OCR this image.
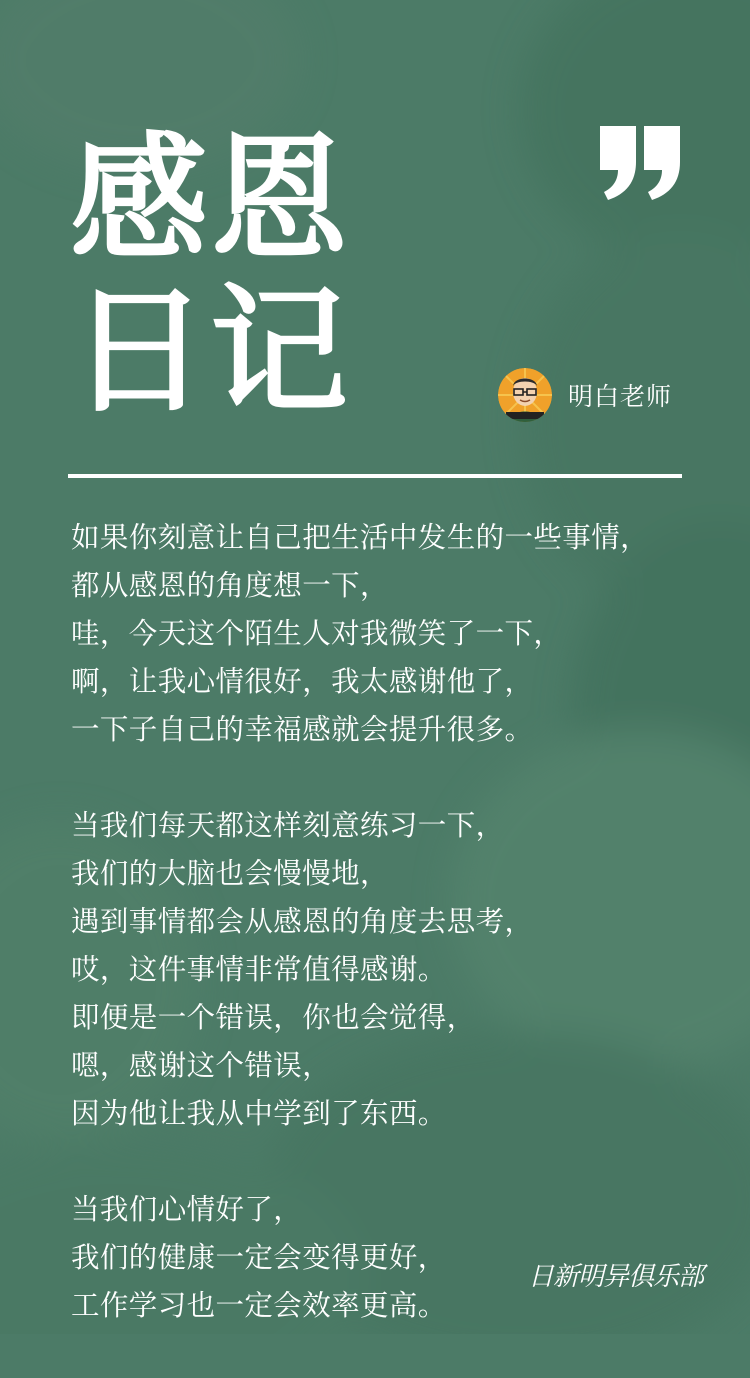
感恩
日记	明白老师
如果你刻意让自己把生活中发生的一些事情，
都从感恩的角度想一下，
哇，今天这个陌生人对我微笑了一下，
啊，让我心情很好，我太感谢他了，
一下子自己的幸福感就会提升很多。
当我们每天都这样刻意练习一下，
我们的大脑也会慢慢地，
遇到事情都会从感恩的角度去思考，
哎，这件事情非常值得感谢。
即便是一个错误，你也会觉得，
嗯，感谢这个错误，
因为他让我从中学到了东西。
当我们心情好了，
我们的健康一定会变得更好，
工作学习也一定会效率更高。
日新明异俱乐部
